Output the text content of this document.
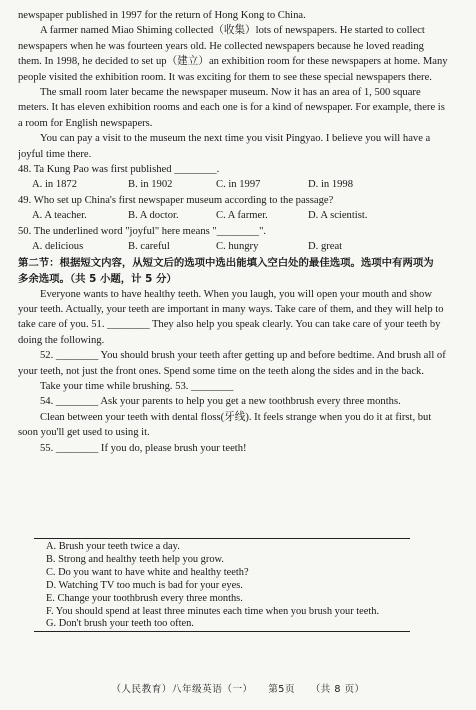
newspaper published in 1997 for the return of Hong Kong to China.
A farmer named Miao Shiming collected（收集）lots of newspapers. He started to collect
newspapers when he was fourteen years old. He collected newspapers because he loved reading
them. In 1998, he decided to set up（建立）an exhibition room for these newspapers at home. Many
people visited the exhibition room. It was exciting for them to see these special newspapers there.
The small room later became the newspaper museum. Now it has an area of 1, 500 square
meters. It has eleven exhibition rooms and each one is for a kind of newspaper. For example, there is
a room for English newspapers.
You can pay a visit to the museum the next time you visit Pingyao. I believe you will have a
joyful time there.
48. Ta Kung Pao was first published ________.
A. in 1872	B. in 1902	C. in 1997	D. in 1998
49. Who set up China's first newspaper museum according to the passage?
A. A teacher.	B. A doctor.	C. A farmer.	D. A scientist.
50. The underlined word "joyful" here means "________".
A. delicious	B. careful	C. hungry	D. great
第二节：根据短文内容，从短文后的选项中选出能填入空白处的最佳选项。选项中有两项为
多余选项。（共 5 小题，计 5 分）
Everyone wants to have healthy teeth. When you laugh, you will open your mouth and show
your teeth. Actually, your teeth are important in many ways. Take care of them, and they will help to
take care of you. 51. ________ They also help you speak clearly. You can take care of your teeth by
doing the following.
52. ________ You should brush your teeth after getting up and before bedtime. And brush all of
your teeth, not just the front ones. Spend some time on the teeth along the sides and in the back.
Take your time while brushing. 53. ________
54. ________ Ask your parents to help you get a new toothbrush every three months.
Clean between your teeth with dental floss(牙线). It feels strange when you do it at first, but
soon you'll get used to using it.
55. ________ If you do, please brush your teeth!
A. Brush your teeth twice a day.
B. Strong and healthy teeth help you grow.
C. Do you want to have white and healthy teeth?
D. Watching TV too much is bad for your eyes.
E. Change your toothbrush every three months.
F. You should spend at least three minutes each time when you brush your teeth.
G. Don't brush your teeth too often.
（人民教育）八年级英语（一） 第5页 （共 8 页）
